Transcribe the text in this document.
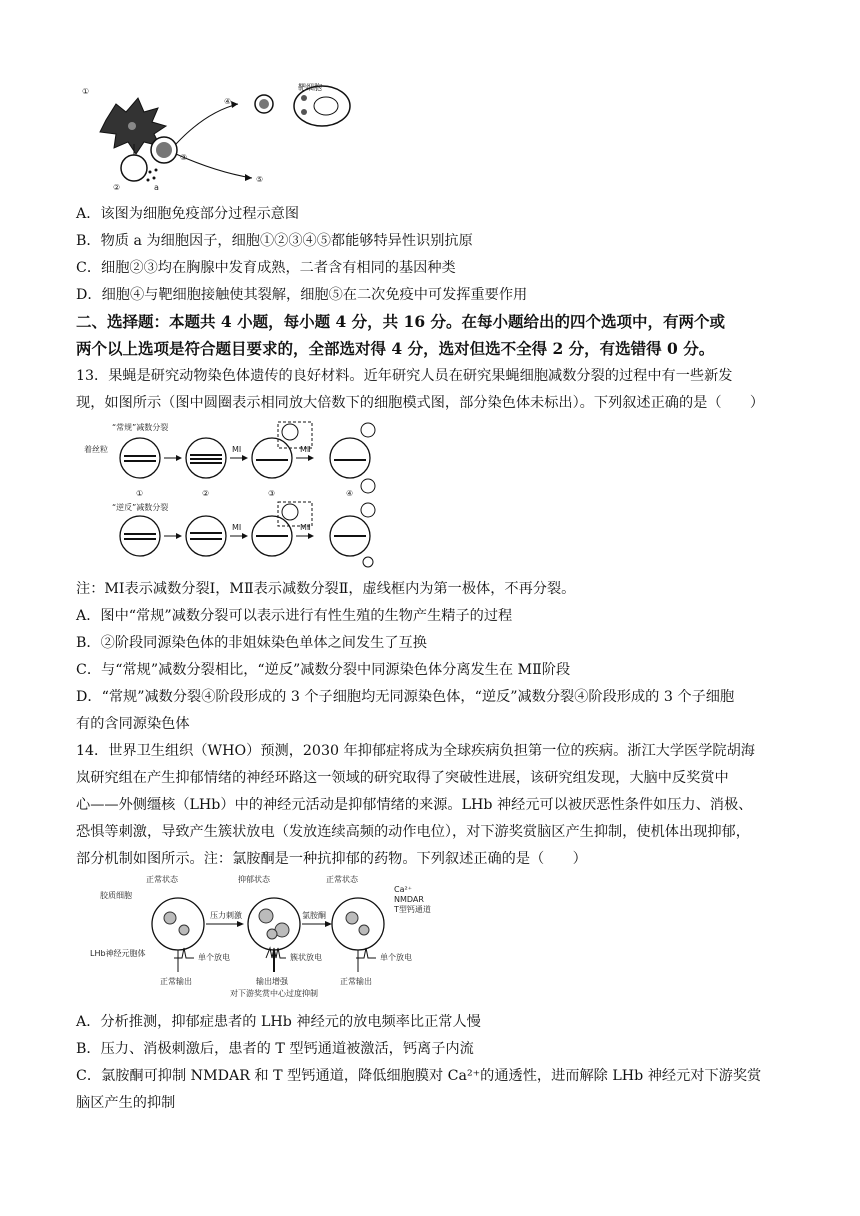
①
②
③
④
⑤
a
靶细胞
A．该图为细胞免疫部分过程示意图
B．物质 a 为细胞因子，细胞①②③④⑤都能够特异性识别抗原
C．细胞②③均在胸腺中发育成熟，二者含有相同的基因种类
D．细胞④与靶细胞接触使其裂解，细胞⑤在二次免疫中可发挥重要作用
二、选择题：本题共 4 小题，每小题 4 分，共 16 分。在每小题给出的四个选项中，有两个或
两个以上选项是符合题目要求的，全部选对得 4 分，选对但选不全得 2 分，有选错得 0 分。
13．果蝇是研究动物染色体遗传的良好材料。近年研究人员在研究果蝇细胞减数分裂的过程中有一些新发
现，如图所示（图中圆圈表示相同放大倍数下的细胞模式图，部分染色体未标出）。下列叙述正确的是（　　）
“常规”减数分裂
着丝粒	MⅠ	MⅡ
①	②	③	④
“逆反”减数分裂
MⅠ	MⅡ
注：MⅠ表示减数分裂Ⅰ，MⅡ表示减数分裂Ⅱ，虚线框内为第一极体，不再分裂。
A．图中“常规”减数分裂可以表示进行有性生殖的生物产生精子的过程
B．②阶段同源染色体的非姐妹染色单体之间发生了互换
C．与“常规”减数分裂相比，“逆反”减数分裂中同源染色体分离发生在 MⅡ阶段
D．“常规”减数分裂④阶段形成的 3 个子细胞均无同源染色体，“逆反”减数分裂④阶段形成的 3 个子细胞
有的含同源染色体
14．世界卫生组织（WHO）预测，2030 年抑郁症将成为全球疾病负担第一位的疾病。浙江大学医学院胡海
岚研究组在产生抑郁情绪的神经环路这一领域的研究取得了突破性进展，该研究组发现，大脑中反奖赏中
心——外侧缰核（LHb）中的神经元活动是抑郁情绪的来源。LHb 神经元可以被厌恶性条件如压力、消极、
恐惧等刺激，导致产生簇状放电（发放连续高频的动作电位），对下游奖赏脑区产生抑制，使机体出现抑郁，
部分机制如图所示。注：氯胺酮是一种抗抑郁的药物。下列叙述正确的是（　　）
正常状态	抑郁状态	正常状态
胶质细胞
压力刺激	氯胺酮
LHb神经元胞体	单个放电	簇状放电	单个放电
正常输出	输出增强	正常输出
对下游奖赏中心过度抑制
Ca²⁺
NMDAR
T型钙通道
A．分析推测，抑郁症患者的 LHb 神经元的放电频率比正常人慢
B．压力、消极刺激后，患者的 T 型钙通道被激活，钙离子内流
C．氯胺酮可抑制 NMDAR 和 T 型钙通道，降低细胞膜对 Ca²⁺的通透性，进而解除 LHb 神经元对下游奖赏
脑区产生的抑制
